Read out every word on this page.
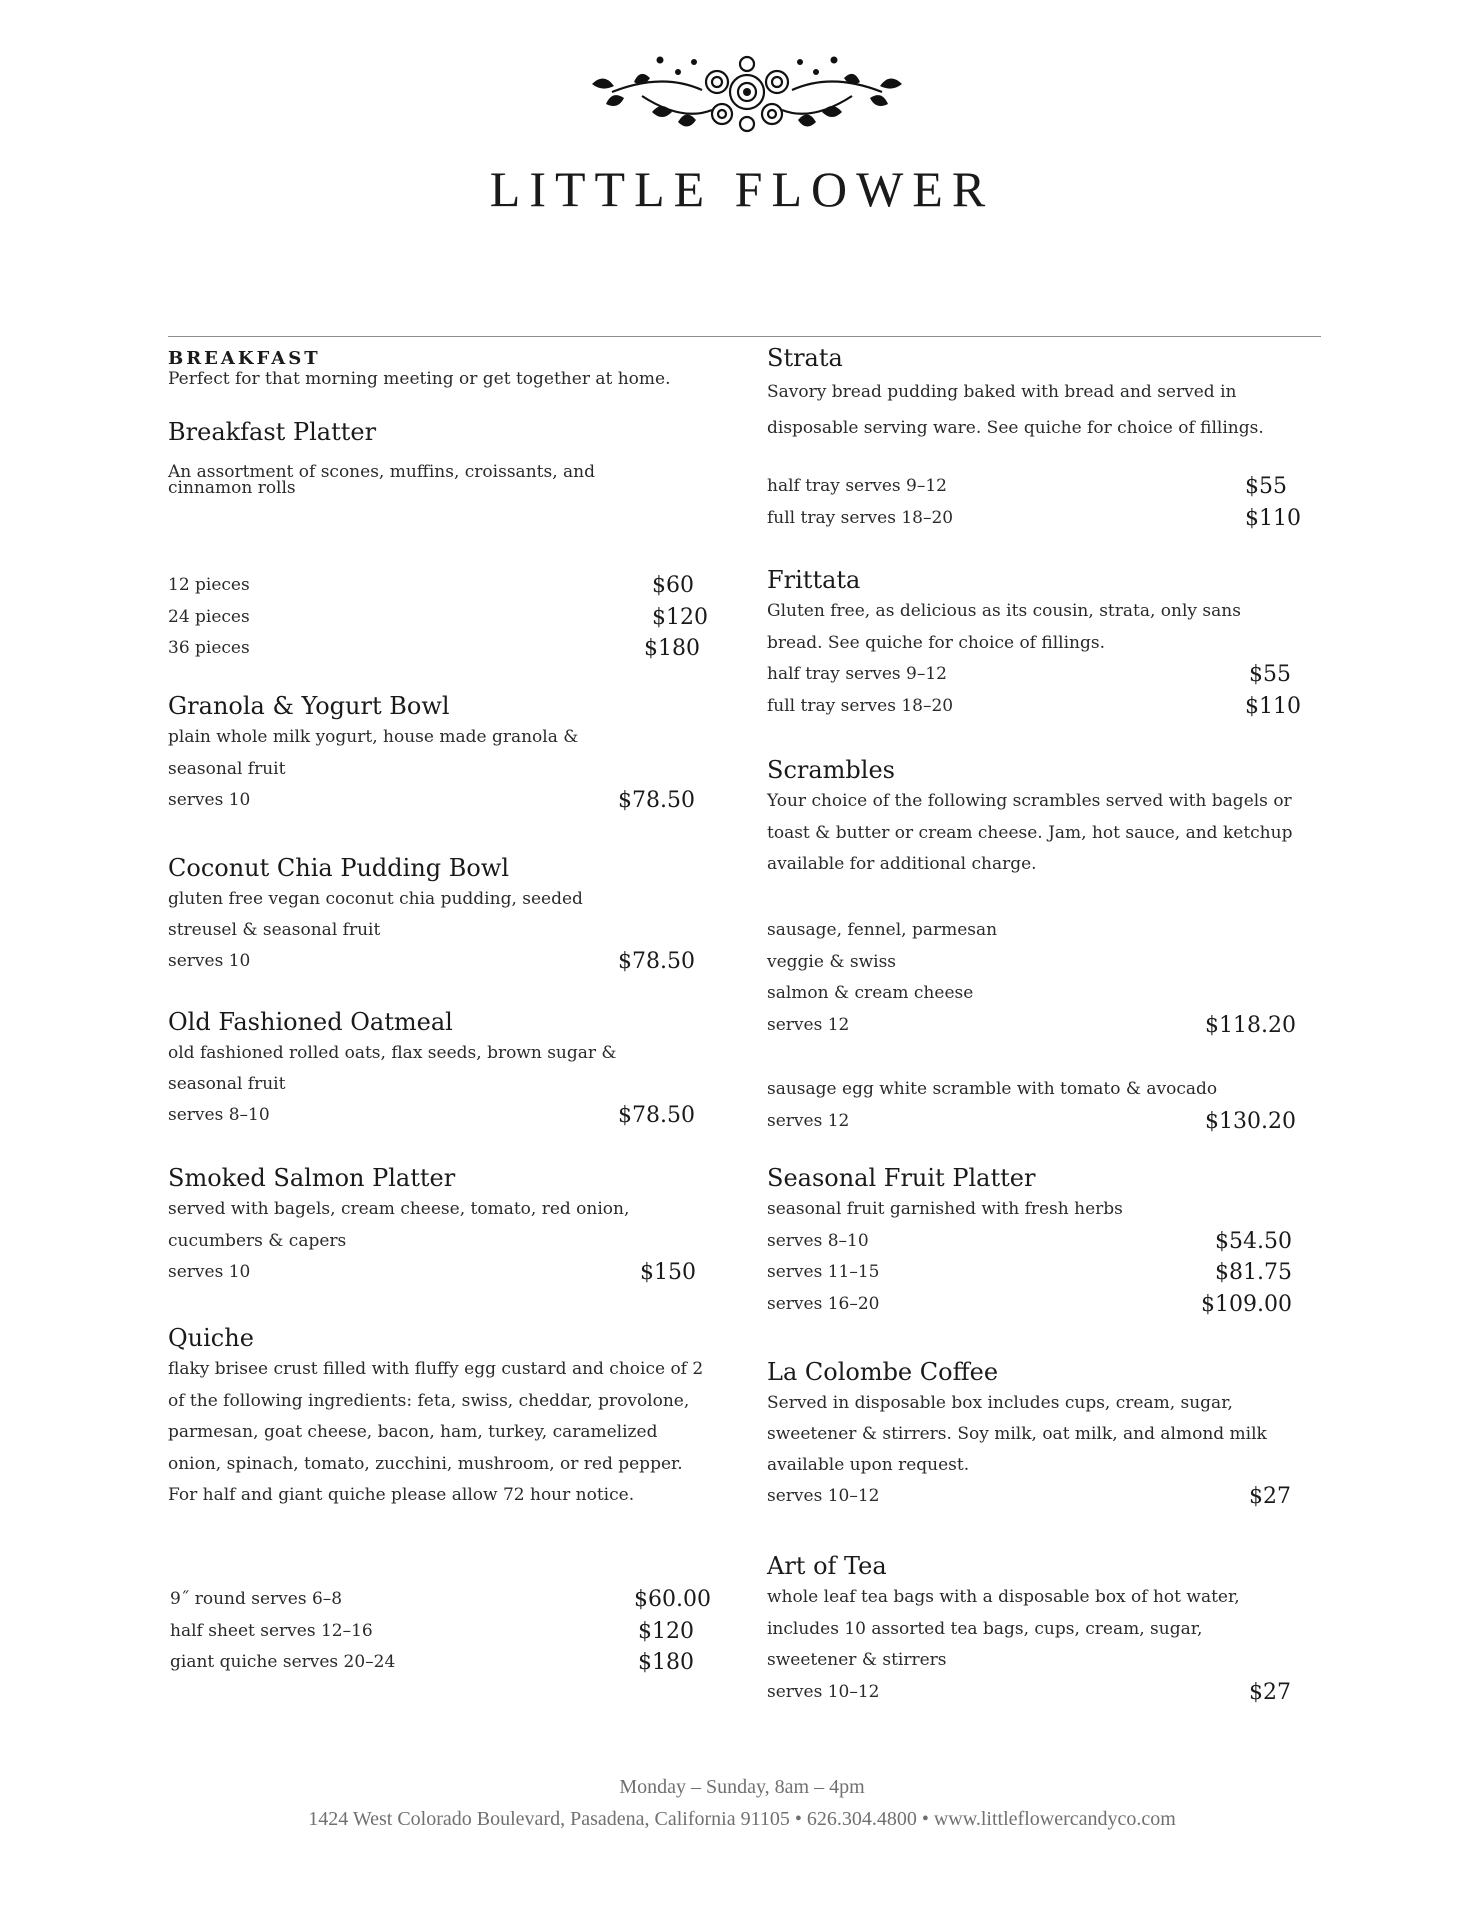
LITTLE FLOWER
BREAKFAST
Perfect for that morning meeting or get together at home.
Breakfast Platter
An assortment of scones, muffins, croissants, and cinnamon rolls
12 pieces	$60
24 pieces	$120
36 pieces	$180
Granola & Yogurt Bowl
plain whole milk yogurt, house made granola & seasonal fruit
serves 10	$78.50
Coconut Chia Pudding Bowl
gluten free vegan coconut chia pudding, seeded streusel & seasonal fruit
serves 10	$78.50
Old Fashioned Oatmeal
old fashioned rolled oats, flax seeds, brown sugar & seasonal fruit
serves 8–10	$78.50
Smoked Salmon Platter
served with bagels, cream cheese, tomato, red onion, cucumbers & capers
serves 10	$150
Quiche
flaky brisee crust filled with fluffy egg custard and choice of 2 of the following ingredients: feta, swiss, cheddar, provolone, parmesan, goat cheese, bacon, ham, turkey, caramelized onion, spinach, tomato, zucchini, mushroom, or red pepper. For half and giant quiche please allow 72 hour notice.
9˝ round serves 6–8	$60.00
half sheet serves 12–16	$120
giant quiche serves 20–24	$180
Strata
Savory bread pudding baked with bread and served in disposable serving ware. See quiche for choice of fillings.
half tray serves 9–12	$55
full tray serves 18–20	$110
Frittata
Gluten free, as delicious as its cousin, strata, only sans bread. See quiche for choice of fillings.
half tray serves 9–12	$55
full tray serves 18–20	$110
Scrambles
Your choice of the following scrambles served with bagels or toast & butter or cream cheese. Jam, hot sauce, and ketchup available for additional charge.
sausage, fennel, parmesan
veggie & swiss
salmon & cream cheese
serves 12	$118.20
sausage egg white scramble with tomato & avocado
serves 12	$130.20
Seasonal Fruit Platter
seasonal fruit garnished with fresh herbs
serves 8–10	$54.50
serves 11–15	$81.75
serves 16–20	$109.00
La Colombe Coffee
Served in disposable box includes cups, cream, sugar, sweetener & stirrers. Soy milk, oat milk, and almond milk available upon request.
serves 10–12	$27
Art of Tea
whole leaf tea bags with a disposable box of hot water, includes 10 assorted tea bags, cups, cream, sugar, sweetener & stirrers
serves 10–12	$27
Monday – Sunday, 8am – 4pm
1424 West Colorado Boulevard, Pasadena, California 91105 • 626.304.4800 • www.littleflowercandyco.com
